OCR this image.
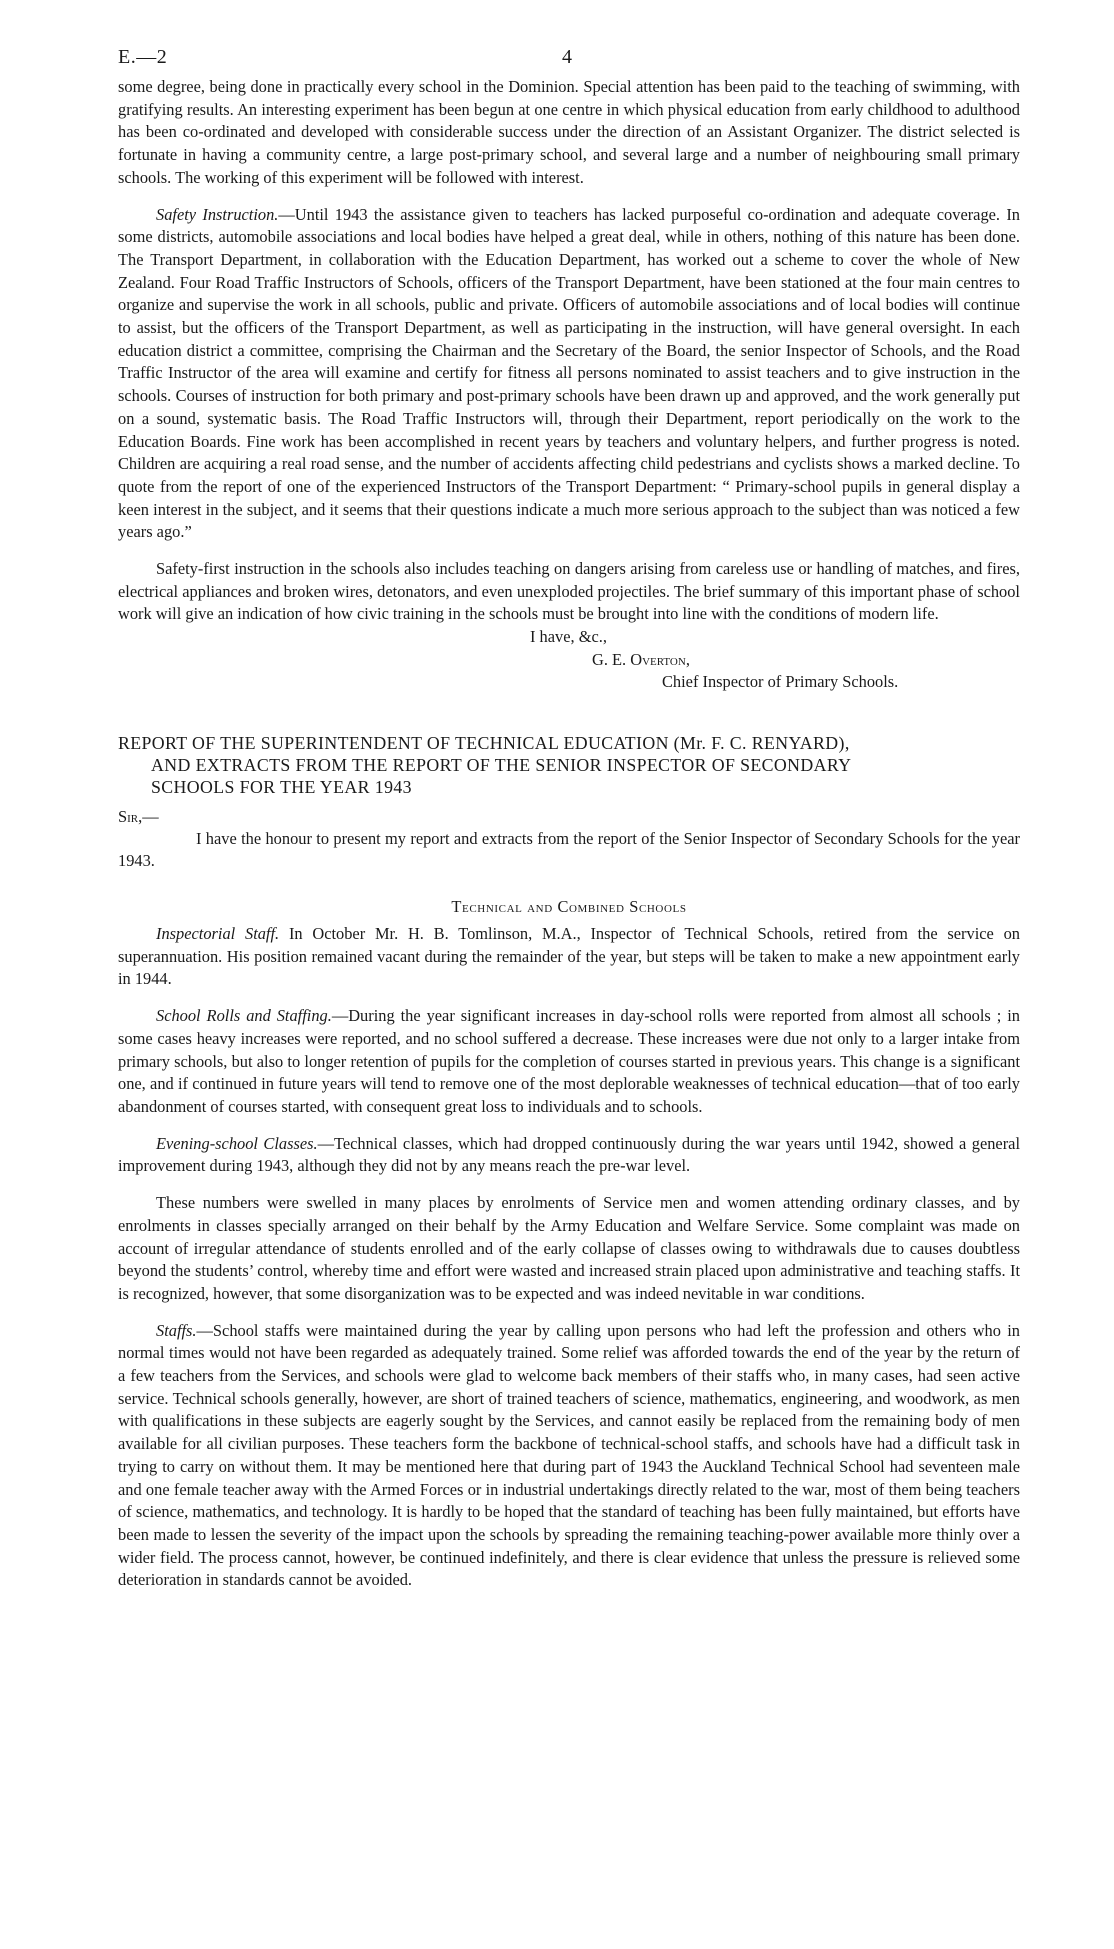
E.—2	4

some degree, being done in practically every school in the Dominion. Special attention has been paid to the teaching of swimming, with gratifying results. An interesting experiment has been begun at one centre in which physical education from early childhood to adulthood has been co-ordinated and developed with considerable success under the direction of an Assistant Organizer. The district selected is fortunate in having a community centre, a large post-primary school, and several large and a number of neighbouring small primary schools. The working of this experiment will be followed with interest.

Safety Instruction.—Until 1943 the assistance given to teachers has lacked purposeful co-ordination and adequate coverage. In some districts, automobile associations and local bodies have helped a great deal, while in others, nothing of this nature has been done. The Transport Department, in collaboration with the Education Department, has worked out a scheme to cover the whole of New Zealand. Four Road Traffic Instructors of Schools, officers of the Transport Department, have been stationed at the four main centres to organize and supervise the work in all schools, public and private. Officers of automobile associations and of local bodies will continue to assist, but the officers of the Transport Department, as well as participating in the instruction, will have general oversight. In each education district a committee, comprising the Chairman and the Secretary of the Board, the senior Inspector of Schools, and the Road Traffic Instructor of the area will examine and certify for fitness all persons nominated to assist teachers and to give instruction in the schools. Courses of instruction for both primary and post-primary schools have been drawn up and approved, and the work generally put on a sound, systematic basis. The Road Traffic Instructors will, through their Department, report periodically on the work to the Education Boards. Fine work has been accomplished in recent years by teachers and voluntary helpers, and further progress is noted. Children are acquiring a real road sense, and the number of accidents affecting child pedestrians and cyclists shows a marked decline. To quote from the report of one of the experienced Instructors of the Transport Department: “ Primary-school pupils in general display a keen interest in the subject, and it seems that their questions indicate a much more serious approach to the subject than was noticed a few years ago.”

Safety-first instruction in the schools also includes teaching on dangers arising from careless use or handling of matches, and fires, electrical appliances and broken wires, detonators, and even unexploded projectiles. The brief summary of this important phase of school work will give an indication of how civic training in the schools must be brought into line with the conditions of modern life.

I have, &c.,
G. E. Overton,
Chief Inspector of Primary Schools.
REPORT OF THE SUPERINTENDENT OF TECHNICAL EDUCATION (Mr. F. C. RENYARD),
AND EXTRACTS FROM THE REPORT OF THE SENIOR INSPECTOR OF SECONDARY
SCHOOLS FOR THE YEAR 1943
Sir,—

I have the honour to present my report and extracts from the report of the Senior Inspector of Secondary Schools for the year 1943.

Technical and Combined Schools

Inspectorial Staff. In October Mr. H. B. Tomlinson, M.A., Inspector of Technical Schools, retired from the service on superannuation. His position remained vacant during the remainder of the year, but steps will be taken to make a new appointment early in 1944.

School Rolls and Staffing.—During the year significant increases in day-school rolls were reported from almost all schools ; in some cases heavy increases were reported, and no school suffered a decrease. These increases were due not only to a larger intake from primary schools, but also to longer retention of pupils for the completion of courses started in previous years. This change is a significant one, and if continued in future years will tend to remove one of the most deplorable weaknesses of technical education—that of too early abandonment of courses started, with consequent great loss to individuals and to schools.

Evening-school Classes.—Technical classes, which had dropped continuously during the war years until 1942, showed a general improvement during 1943, although they did not by any means reach the pre-war level.

These numbers were swelled in many places by enrolments of Service men and women attending ordinary classes, and by enrolments in classes specially arranged on their behalf by the Army Education and Welfare Service. Some complaint was made on account of irregular attendance of students enrolled and of the early collapse of classes owing to withdrawals due to causes doubtless beyond the students’ control, whereby time and effort were wasted and increased strain placed upon administrative and teaching staffs. It is recognized, however, that some disorganization was to be expected and was indeed nevitable in war conditions.

Staffs.—School staffs were maintained during the year by calling upon persons who had left the profession and others who in normal times would not have been regarded as adequately trained. Some relief was afforded towards the end of the year by the return of a few teachers from the Services, and schools were glad to welcome back members of their staffs who, in many cases, had seen active service. Technical schools generally, however, are short of trained teachers of science, mathematics, engineering, and woodwork, as men with qualifications in these subjects are eagerly sought by the Services, and cannot easily be replaced from the remaining body of men available for all civilian purposes. These teachers form the backbone of technical-school staffs, and schools have had a difficult task in trying to carry on without them. It may be mentioned here that during part of 1943 the Auckland Technical School had seventeen male and one female teacher away with the Armed Forces or in industrial undertakings directly related to the war, most of them being teachers of science, mathematics, and technology. It is hardly to be hoped that the standard of teaching has been fully maintained, but efforts have been made to lessen the severity of the impact upon the schools by spreading the remaining teaching-power available more thinly over a wider field. The process cannot, however, be continued indefinitely, and there is clear evidence that unless the pressure is relieved some deterioration in standards cannot be avoided.
